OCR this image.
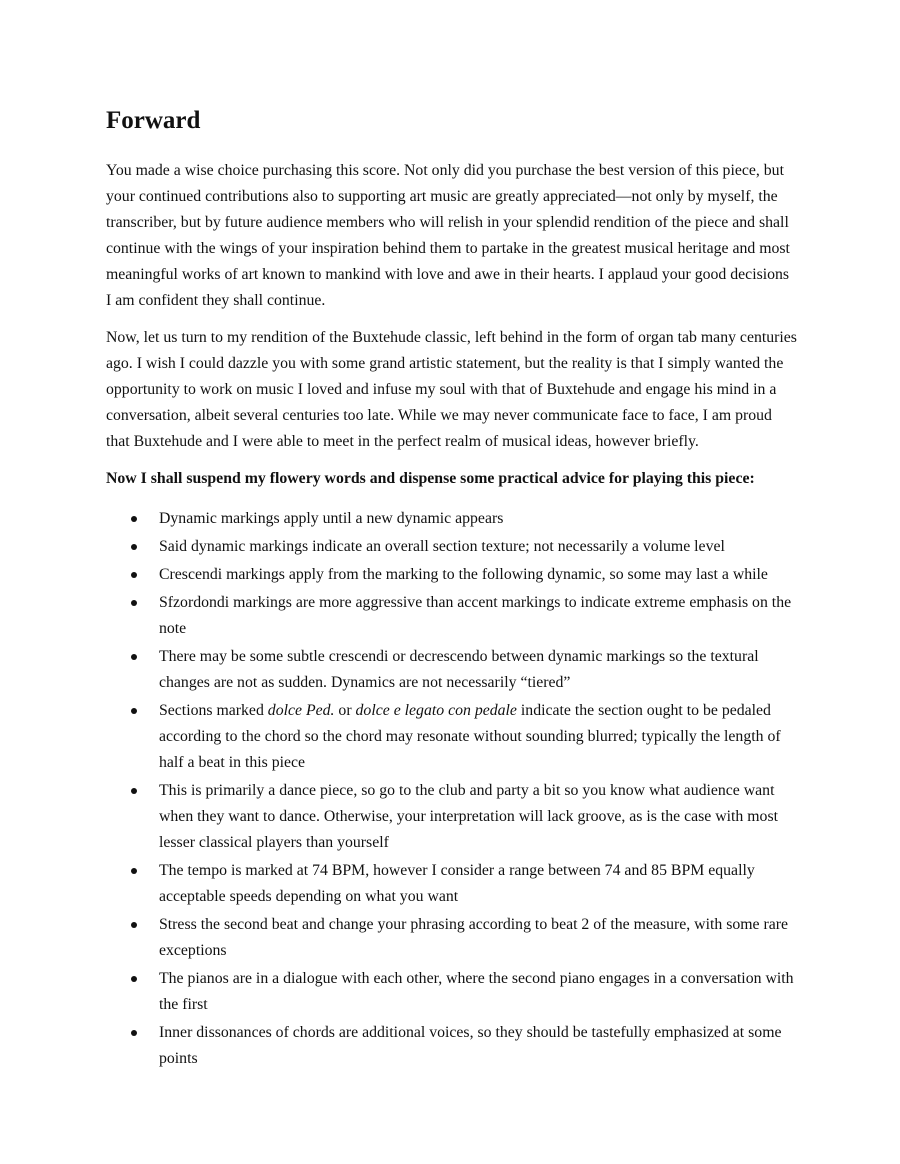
Forward

You made a wise choice purchasing this score. Not only did you purchase the best version of this piece, but your continued contributions also to supporting art music are greatly appreciated—not only by myself, the transcriber, but by future audience members who will relish in your splendid rendition of the piece and shall continue with the wings of your inspiration behind them to partake in the greatest musical heritage and most meaningful works of art known to mankind with love and awe in their hearts. I applaud your good decisions I am confident they shall continue.

Now, let us turn to my rendition of the Buxtehude classic, left behind in the form of organ tab many centuries ago. I wish I could dazzle you with some grand artistic statement, but the reality is that I simply wanted the opportunity to work on music I loved and infuse my soul with that of Buxtehude and engage his mind in a conversation, albeit several centuries too late. While we may never communicate face to face, I am proud that Buxtehude and I were able to meet in the perfect realm of musical ideas, however briefly.

Now I shall suspend my flowery words and dispense some practical advice for playing this piece:

Dynamic markings apply until a new dynamic appears
Said dynamic markings indicate an overall section texture; not necessarily a volume level
Crescendi markings apply from the marking to the following dynamic, so some may last a while
Sfzordondi markings are more aggressive than accent markings to indicate extreme emphasis on the note
There may be some subtle crescendi or decrescendo between dynamic markings so the textural changes are not as sudden. Dynamics are not necessarily “tiered”
Sections marked dolce Ped. or dolce e legato con pedale indicate the section ought to be pedaled according to the chord so the chord may resonate without sounding blurred; typically the length of half a beat in this piece
This is primarily a dance piece, so go to the club and party a bit so you know what audience want when they want to dance. Otherwise, your interpretation will lack groove, as is the case with most lesser classical players than yourself
The tempo is marked at 74 BPM, however I consider a range between 74 and 85 BPM equally acceptable speeds depending on what you want
Stress the second beat and change your phrasing according to beat 2 of the measure, with some rare exceptions
The pianos are in a dialogue with each other, where the second piano engages in a conversation with the first
Inner dissonances of chords are additional voices, so they should be tastefully emphasized at some points
